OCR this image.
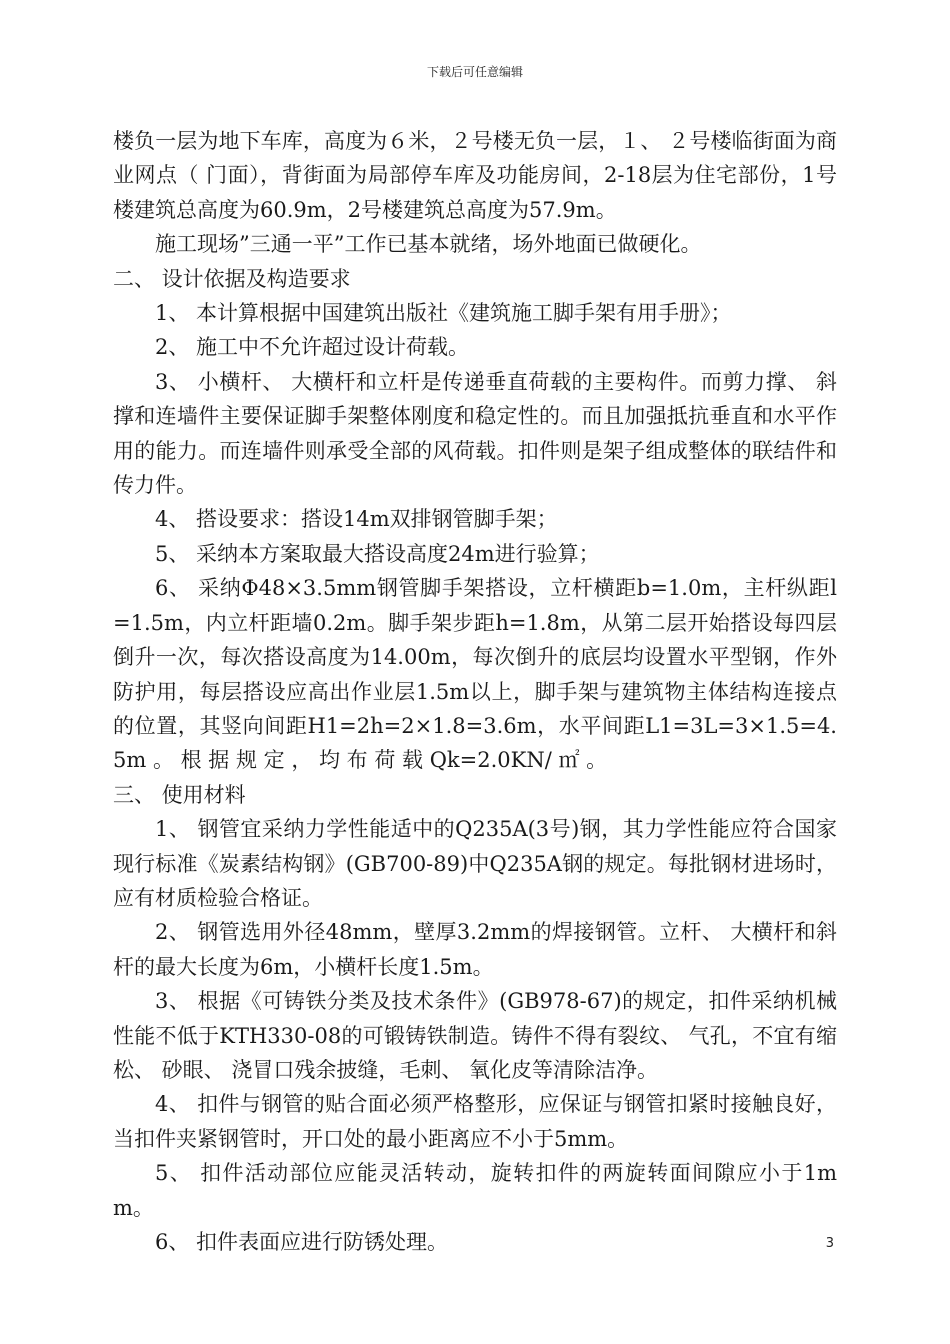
下载后可任意编辑

楼负一层为地下车库，高度为６米，２号楼无负一层，１、 ２号楼临街面为商业网点（ 门面），背街面为局部停车库及功能房间，2-18层为住宅部份，1号楼建筑总高度为60.9m，2号楼建筑总高度为57.9m。

施工现场”三通一平”工作已基本就绪，场外地面已做硬化。

二、 设计依据及构造要求

1、 本计算根据中国建筑出版社《建筑施工脚手架有用手册》；

2、 施工中不允许超过设计荷载。

3、 小横杆、 大横杆和立杆是传递垂直荷载的主要构件。而剪力撑、 斜撑和连墙件主要保证脚手架整体刚度和稳定性的。而且加强抵抗垂直和水平作用的能力。而连墙件则承受全部的风荷载。扣件则是架子组成整体的联结件和传力件。

4、 搭设要求：搭设14m双排钢管脚手架；

5、 采纳本方案取最大搭设高度24m进行验算；

6、 采纳Φ48×3.5mm钢管脚手架搭设，立杆横距b=1.0m，主杆纵距l=1.5m，内立杆距墙0.2m。脚手架步距h=1.8m，从第二层开始搭设每四层倒升一次，每次搭设高度为14.00m，每次倒升的底层均设置水平型钢，作外防护用，每层搭设应高出作业层1.5m以上，脚手架与建筑物主体结构连接点的位置，其竖向间距H1=2h=2×1.8=3.6m，水平间距L1=3L=3×1.5=4.5m 。 根 据 规 定 ， 均 布 荷 载 Qk=2.0KN/ ㎡ 。

三、 使用材料

1、 钢管宜采纳力学性能适中的Q235A(3号)钢，其力学性能应符合国家现行标准《炭素结构钢》(GB700-89)中Q235A钢的规定。每批钢材进场时，应有材质检验合格证。

2、 钢管选用外径48mm，壁厚3.2mm的焊接钢管。立杆、 大横杆和斜杆的最大长度为6m，小横杆长度1.5m。

3、 根据《可铸铁分类及技术条件》(GB978-67)的规定，扣件采纳机械性能不低于KTH330-08的可锻铸铁制造。铸件不得有裂纹、 气孔，不宜有缩松、 砂眼、 浇冒口残余披缝，毛刺、 氧化皮等清除洁净。

4、 扣件与钢管的贴合面必须严格整形，应保证与钢管扣紧时接触良好，当扣件夹紧钢管时，开口处的最小距离应不小于5mm。

5、 扣件活动部位应能灵活转动，旋转扣件的两旋转面间隙应小于1mm。

6、 扣件表面应进行防锈处理。	3
